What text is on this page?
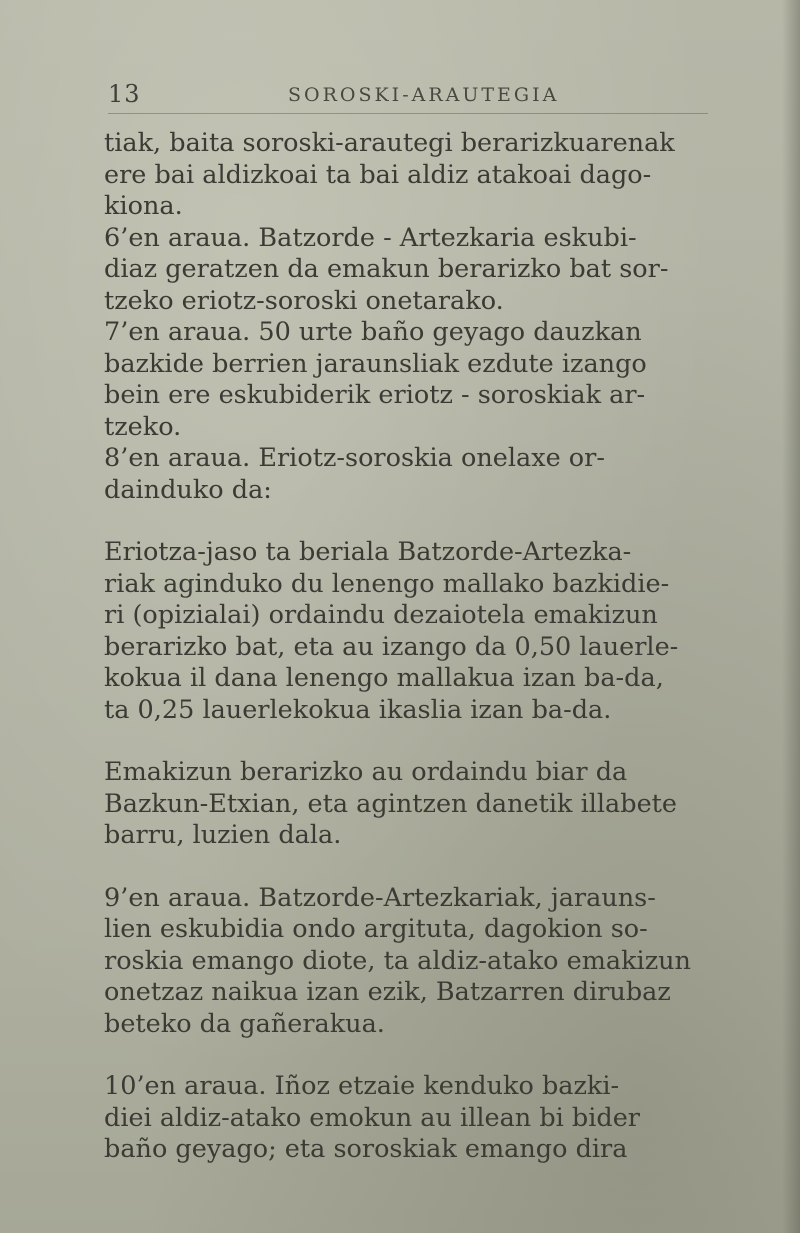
13	SOROSKI-ARAUTEGIA

tiak, baita soroski-arautegi berarizkuarenak
ere bai aldizkoai ta bai aldiz atakoai dago-
kiona.

6’en araua. Batzorde - Artezkaria eskubi-
diaz geratzen da emakun berarizko bat sor-
tzeko eriotz-soroski onetarako.

7’en araua. 50 urte baño geyago dauzkan
bazkide berrien jaraunsliak ezdute izango
bein ere eskubiderik eriotz - soroskiak ar-
tzeko.

8’en araua. Eriotz-soroskia onelaxe or-
dainduko da:

Eriotza-jaso ta beriala Batzorde-Artezka-
riak aginduko du lenengo mallako bazkidie-
ri (opizialai) ordaindu dezaiotela emakizun
berarizko bat, eta au izango da 0,50 lauerle-
kokua il dana lenengo mallakua izan ba-da,
ta 0,25 lauerlekokua ikaslia izan ba-da.

Emakizun berarizko au ordaindu biar da
Bazkun-Etxian, eta agintzen danetik illabete
barru, luzien dala.

9’en araua. Batzorde-Artezkariak, jarauns-
lien eskubidia ondo argituta, dagokion so-
roskia emango diote, ta aldiz-atako emakizun
onetzaz naikua izan ezik, Batzarren dirubaz
beteko da gañerakua.

10’en araua. Iñoz etzaie kenduko bazki-
diei aldiz-atako emokun au illean bi bider
baño geyago; eta soroskiak emango dira
